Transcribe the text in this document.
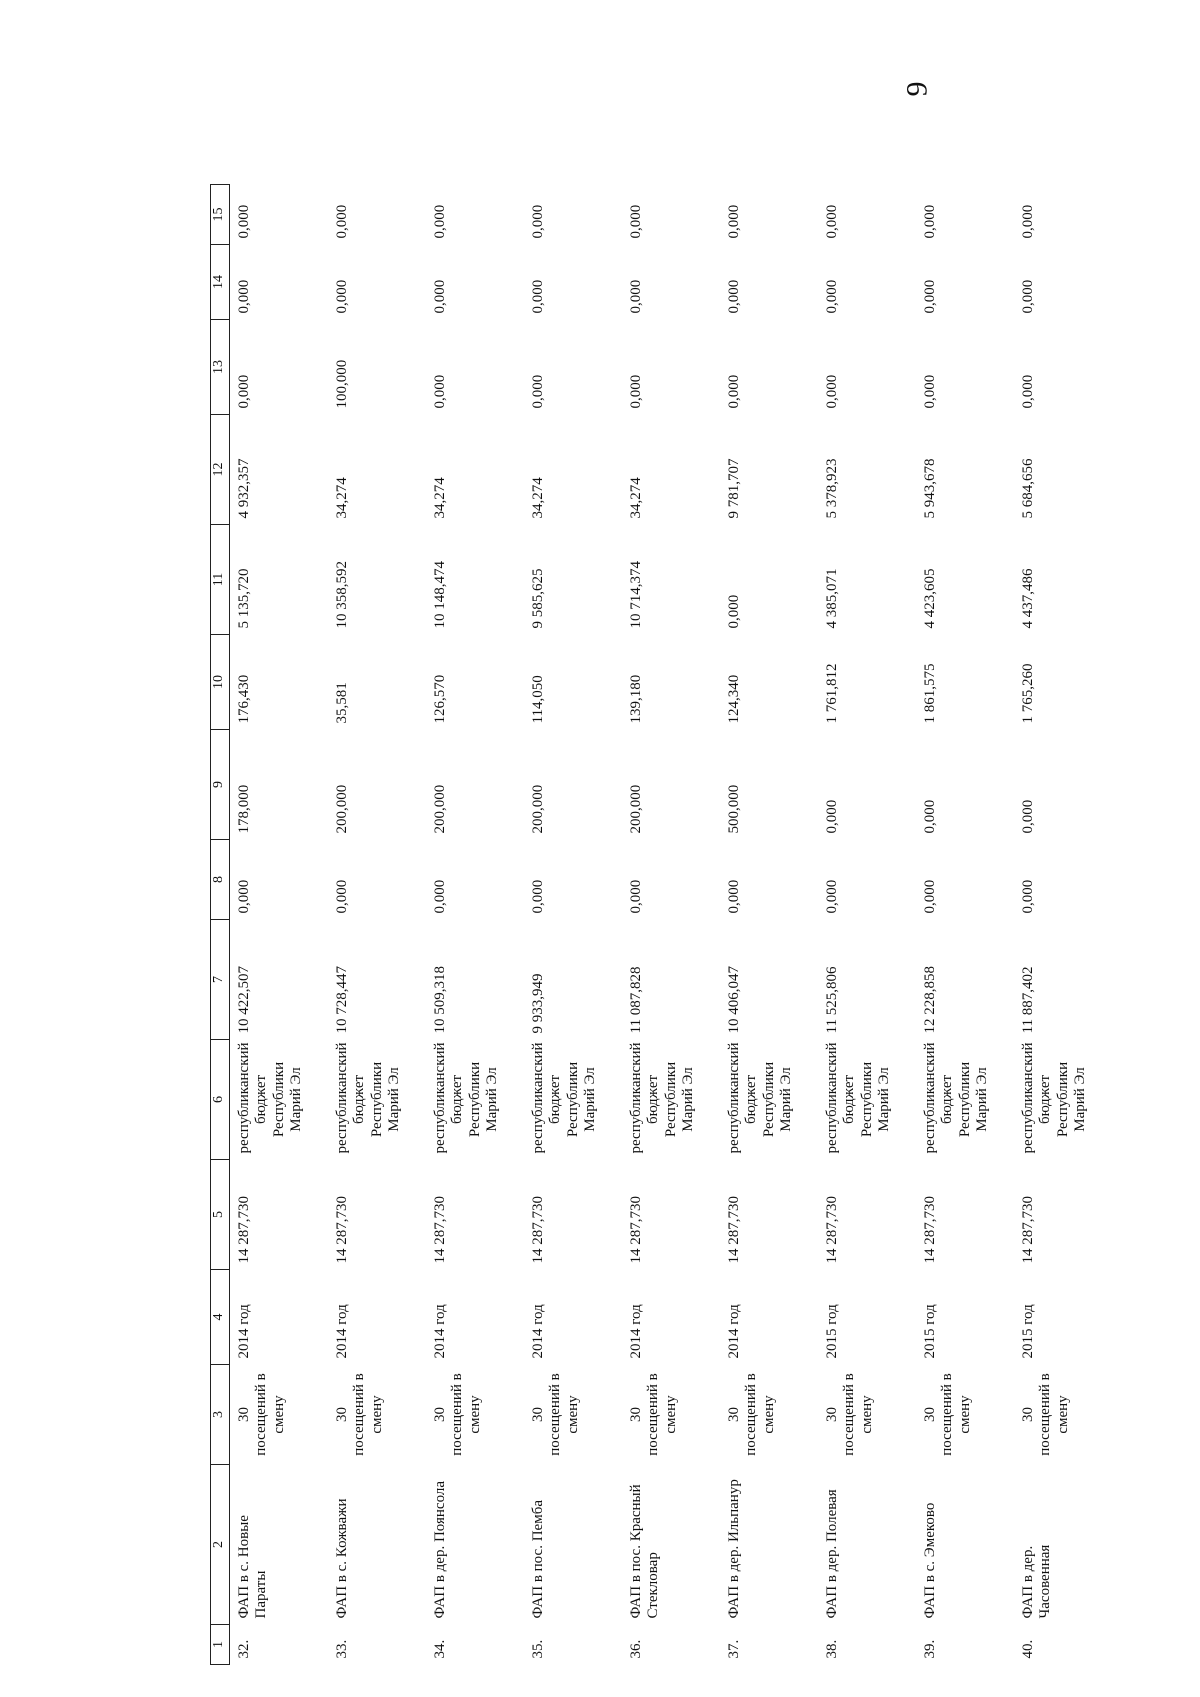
9
1	2	3	4	5	6	7	8	9	10	11	12	13	14	15
32.	ФАП в с. Новые Параты	30 посещений в смену	2014 год	14 287,730	республиканский бюджет Республики Марий Эл	10 422,507	0,000	178,000	176,430	5 135,720	4 932,357	0,000	0,000	0,000
33.	ФАП в с. Кожважи	30 посещений в смену	2014 год	14 287,730	республиканский бюджет Республики Марий Эл	10 728,447	0,000	200,000	35,581	10 358,592	34,274	100,000	0,000	0,000
34.	ФАП в дер. Поянсола	30 посещений в смену	2014 год	14 287,730	республиканский бюджет Республики Марий Эл	10 509,318	0,000	200,000	126,570	10 148,474	34,274	0,000	0,000	0,000
35.	ФАП в пос. Пемба	30 посещений в смену	2014 год	14 287,730	республиканский бюджет Республики Марий Эл	9 933,949	0,000	200,000	114,050	9 585,625	34,274	0,000	0,000	0,000
36.	ФАП в пос. Красный Стекловар	30 посещений в смену	2014 год	14 287,730	республиканский бюджет Республики Марий Эл	11 087,828	0,000	200,000	139,180	10 714,374	34,274	0,000	0,000	0,000
37.	ФАП в дер. Ильпанур	30 посещений в смену	2014 год	14 287,730	республиканский бюджет Республики Марий Эл	10 406,047	0,000	500,000	124,340	0,000	9 781,707	0,000	0,000	0,000
38.	ФАП в дер. Полевая	30 посещений в смену	2015 год	14 287,730	республиканский бюджет Республики Марий Эл	11 525,806	0,000	0,000	1 761,812	4 385,071	5 378,923	0,000	0,000	0,000
39.	ФАП в с. Эмеково	30 посещений в смену	2015 год	14 287,730	республиканский бюджет Республики Марий Эл	12 228,858	0,000	0,000	1 861,575	4 423,605	5 943,678	0,000	0,000	0,000
40.	ФАП в дер. Часовенная	30 посещений в смену	2015 год	14 287,730	республиканский бюджет Республики Марий Эл	11 887,402	0,000	0,000	1 765,260	4 437,486	5 684,656	0,000	0,000	0,000
